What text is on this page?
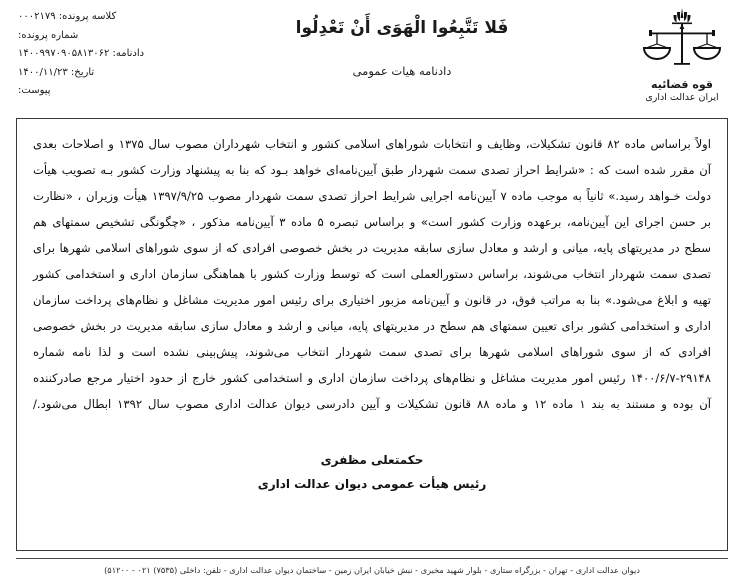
قوه قضائیه
ایران عدالت اداری
فَلا تَتَّبِعُوا الْهَوَى أَنْ تَعْدِلُوا
دادنامه هیات عمومی
کلاسه پرونده: ۰۰۰۲۱۷۹
شماره پرونده:
دادنامه: ۱۴۰۰۹۹۷۰۹۰۵۸۱۳۰۶۲
تاریخ: ۱۴۰۰/۱۱/۲۳
پیوست:

اولاً براساس ماده ۸۲ قانون تشکیلات، وظایف و انتخابات شوراهای اسلامی کشور و انتخاب شهرداران مصوب سال ۱۳۷۵ و اصلاحات بعدی آن مقرر شده است که : «شرایط احراز تصدی سمت شهردار طبق آیین‌نامه‌ای خواهد بـود که بنا به پیشنهاد وزارت کشور بـه تصویب هیأت دولت خـواهد رسید.» ثانیاً به موجب ماده ۷ آیین‌نامه اجرایی شرایط احراز تصدی سمت شهردار مصوب ۱۳۹۷/۹/۲۵ هیأت وزیران ، «نظارت بر حسن اجرای این آیین‌نامه، برعهده وزارت کشور است» و براساس تبصره ۵ ماده ۳ آیین‌نامه مذکور ، «چگونگی تشخیص سمتهای هم سطح در مدیریتهای پایه، میانی و ارشد و معادل سازی سابقه مدیریت در بخش خصوصی افرادی که از سوی شوراهای اسلامی شهرها برای تصدی سمت شهردار انتخاب می‌شوند، براساس دستورالعملی است که توسط وزارت کشور با هماهنگی سازمان اداری و استخدامی کشور تهیه و ابلاغ می‌شود.» بنا به مراتب فوق، در قانون و آیین‌نامه مزبور اختیاری برای رئیس امور مدیریت مشاغل و نظام‌های پرداخت سازمان اداری و استخدامی کشور برای تعیین سمتهای هم سطح در مدیریتهای پایه، میانی و ارشد و معادل سازی سابقه مدیریت در بخش خصوصی افرادی که از سوی شوراهای اسلامی شهرها برای تصدی سمت شهردار انتخاب می‌شوند، پیش‌بینی نشده است و لذا نامه شماره ۲۹۱۴۸-۱۴۰۰/۶/۷ رئیس امور مدیریت مشاغل و نظام‌های پرداخت سازمان اداری و استخدامی کشور خارج از حدود اختیار مرجع صادرکننده آن بوده و مستند به بند ۱ ماده ۱۲ و ماده ۸۸ قانون تشکیلات و آیین دادرسی دیوان عدالت اداری مصوب سال ۱۳۹۲ ابطال می‌شود./

حکمتعلی مظفری
رئیس هیأت عمومی دیوان عدالت اداری
دیوان عدالت اداری - تهران - بزرگراه ستاری - بلوار شهید مخبری - نبش خیابان ایران زمین - ساختمان دیوان عدالت اداری - تلفن: داخلی (۷۵۳۵) ۰۲۱ - ۵۱۲۰۰)
